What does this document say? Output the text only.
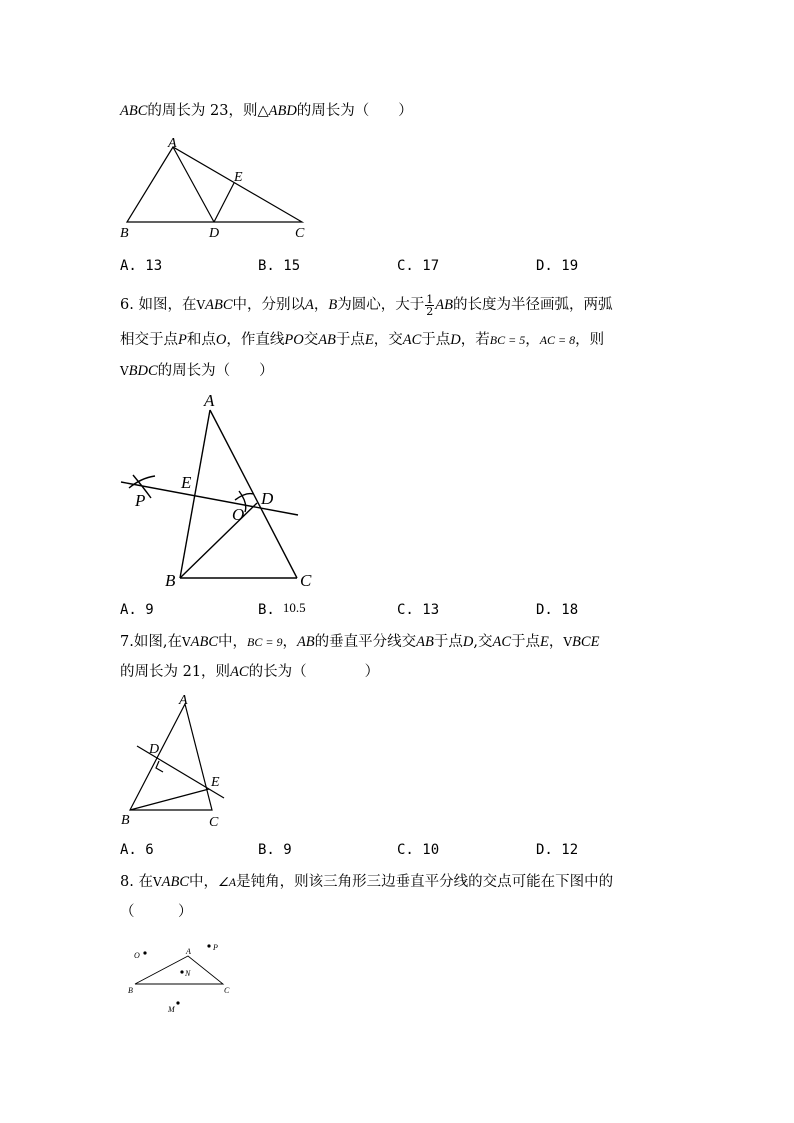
ABC的周长为 23，则△ABD的周长为（　　）
A
B	D	C
E
A. 13	B. 15	C. 17	D. 19
6. 如图，在VABC中，分别以A，B为圆心，大于 $\frac{1}{2}$ AB的长度为半径画弧，两弧
相交于点P和点O，作直线PO交AB于点E，交AC于点D，若BC = 5，AC = 8，则
VBDC的周长为（　　）
A
B	C
D
E
O
P
A. 9	B. 10.5	C. 13	D. 18
7.如图,在VABC中，BC = 9，AB的垂直平分线交AB于点D,交AC于点E，VBCE
的周长为 21，则AC的长为（　　　　）
A
D
E
B	C
A. 6	B. 9	C. 10	D. 12
8. 在VABC中，∠A是钝角，则该三角形三边垂直平分线的交点可能在下图中的
（　　　）
O	A	P
N
B	C
M
